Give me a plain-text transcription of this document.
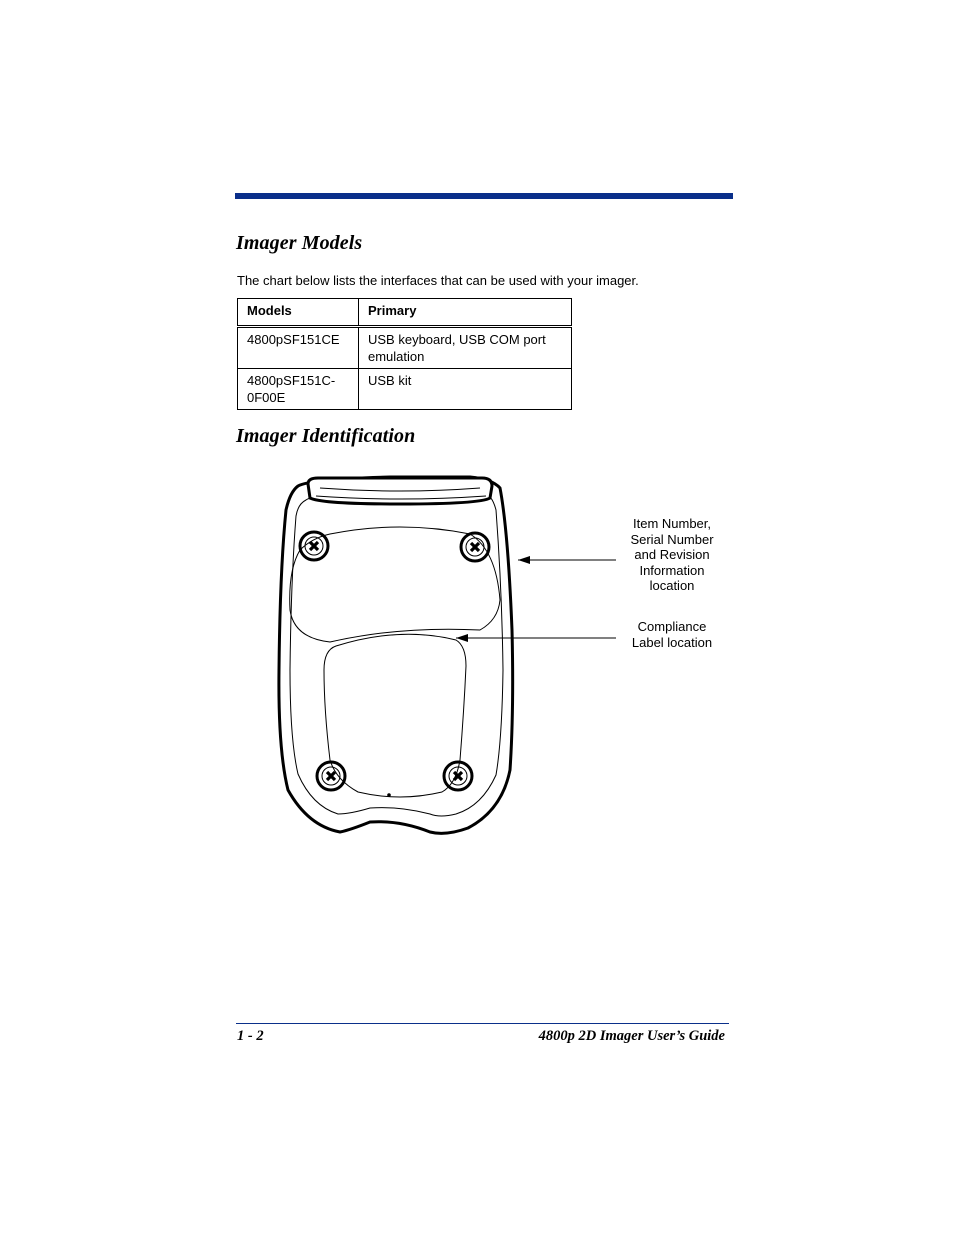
Imager Models

The chart below lists the interfaces that can be used with your imager.

Models	Primary
4800pSF151CE	USB keyboard, USB COM port emulation
4800pSF151C-0F00E	USB kit
Imager Identification
Item Number,
Serial Number
and Revision
Information
location
Compliance
Label location
1 - 2	4800p 2D Imager User’s Guide
